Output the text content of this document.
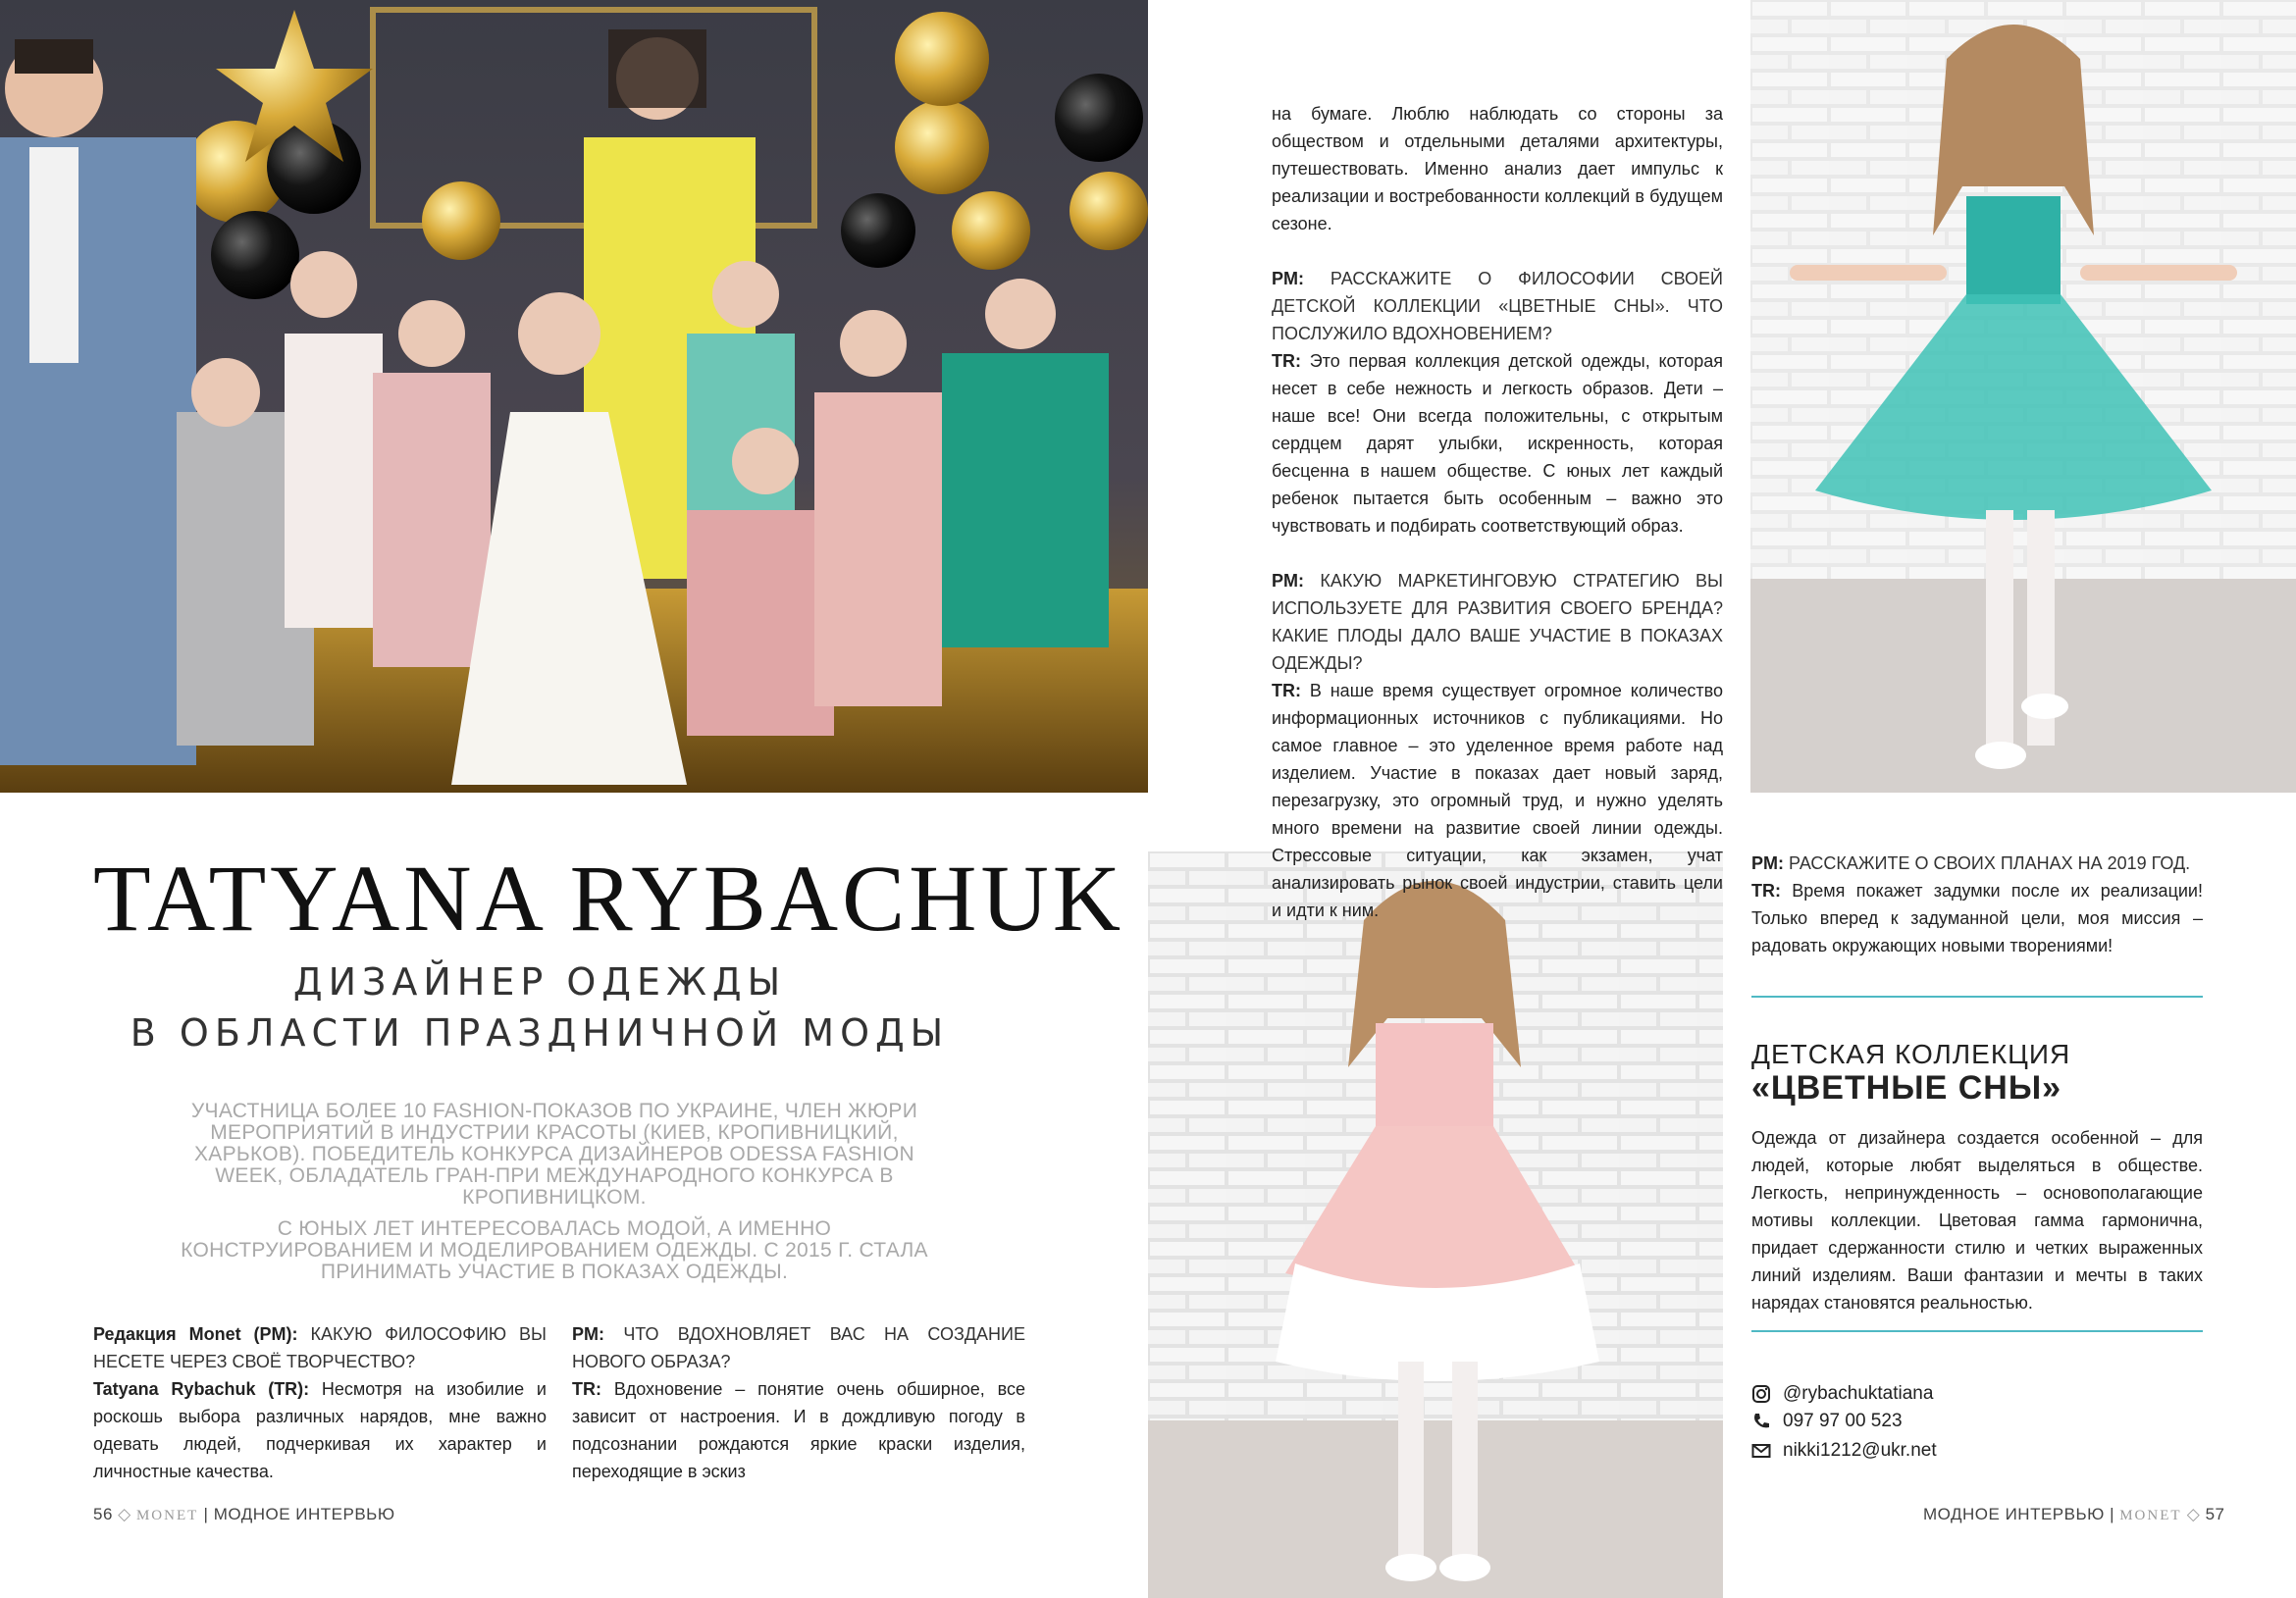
TATYANA RYBACHUK
ДИЗАЙНЕР ОДЕЖДЫ
В ОБЛАСТИ ПРАЗДНИЧНОЙ МОДЫ

УЧАСТНИЦА БОЛЕЕ 10 FASHION-ПОКАЗОВ ПО УКРАИНЕ, ЧЛЕН ЖЮРИ МЕРОПРИЯТИЙ В ИНДУСТРИИ КРАСОТЫ (КИЕВ, КРОПИВНИЦКИЙ, ХАРЬКОВ). ПОБЕДИТЕЛЬ КОНКУРСА ДИЗАЙНЕРОВ ODESSA FASHION WEEK, ОБЛАДАТЕЛЬ ГРАН-ПРИ МЕЖДУНАРОДНОГО КОНКУРСА В КРОПИВНИЦКОМ.

С ЮНЫХ ЛЕТ ИНТЕРЕСОВАЛАСЬ МОДОЙ, А ИМЕННО КОНСТРУИРОВАНИЕМ И МОДЕЛИРОВАНИЕМ ОДЕЖДЫ. С 2015 Г. СТАЛА ПРИНИМАТЬ УЧАСТИЕ В ПОКАЗАХ ОДЕЖДЫ.

Редакция Monet (PM): КАКУЮ ФИЛОСОФИЮ ВЫ НЕСЕТЕ ЧЕРЕЗ СВОЁ ТВОРЧЕСТВО?

Tatyana Rybachuk (TR): Несмотря на изобилие и роскошь выбора различных нарядов, мне важно одевать людей, подчеркивая их характер и личностные качества.

PM: ЧТО ВДОХНОВЛЯЕТ ВАС НА СОЗДАНИЕ НОВОГО ОБРАЗА?

TR: Вдохновение – понятие очень обширное, все зависит от настроения. И в дождливую погоду в подсознании рождаются яркие краски изделия, переходящие в эскиз

на бумаге. Люблю наблюдать со стороны за обществом и отдельными деталями архитектуры, путешествовать. Именно анализ дает импульс к реализации и востребованности коллекций в будущем сезоне.

PM: РАССКАЖИТЕ О ФИЛОСОФИИ СВОЕЙ ДЕТСКОЙ КОЛЛЕКЦИИ «ЦВЕТНЫЕ СНЫ». ЧТО ПОСЛУЖИЛО ВДОХНОВЕНИЕМ?

TR: Это первая коллекция детской одежды, которая несет в себе нежность и легкость образов. Дети – наше все! Они всегда положительны, с открытым сердцем дарят улыбки, искренность, которая бесценна в нашем обществе. С юных лет каждый ребенок пытается быть особенным – важно это чувствовать и подбирать соответствующий образ.

PM: КАКУЮ МАРКЕТИНГОВУЮ СТРАТЕГИЮ ВЫ ИСПОЛЬЗУЕТЕ ДЛЯ РАЗВИТИЯ СВОЕГО БРЕНДА? КАКИЕ ПЛОДЫ ДАЛО ВАШЕ УЧАСТИЕ В ПОКАЗАХ ОДЕЖДЫ?

TR: В наше время существует огромное количество информационных источников с публикациями. Но самое главное – это уделенное время работе над изделием. Участие в показах дает новый заряд, перезагрузку, это огромный труд, и нужно уделять много времени на развитие своей линии одежды. Стрессовые ситуации, как экзамен, учат анализировать рынок своей индустрии, ставить цели и идти к ним.

PM: РАССКАЖИТЕ О СВОИХ ПЛАНАХ НА 2019 ГОД.

TR: Время покажет задумки после их реализации! Только вперед к задуманной цели, моя миссия – радовать окружающих новыми творениями!

ДЕТСКАЯ КОЛЛЕКЦИЯ
«ЦВЕТНЫЕ СНЫ»

Одежда от дизайнера создается особенной – для людей, которые любят выделяться в обществе. Легкость, непринужденность – основополагающие мотивы коллекции. Цветовая гамма гармонична, придает сдержанности стилю и четких выраженных линий изделиям. Ваши фантазии и мечты в таких нарядах становятся реальностью.

@rybachuktatiana
097 97 00 523
nikki1212@ukr.net
56 ◇ MONET | МОДНОЕ ИНТЕРВЬЮ	МОДНОЕ ИНТЕРВЬЮ | MONET ◇ 57
